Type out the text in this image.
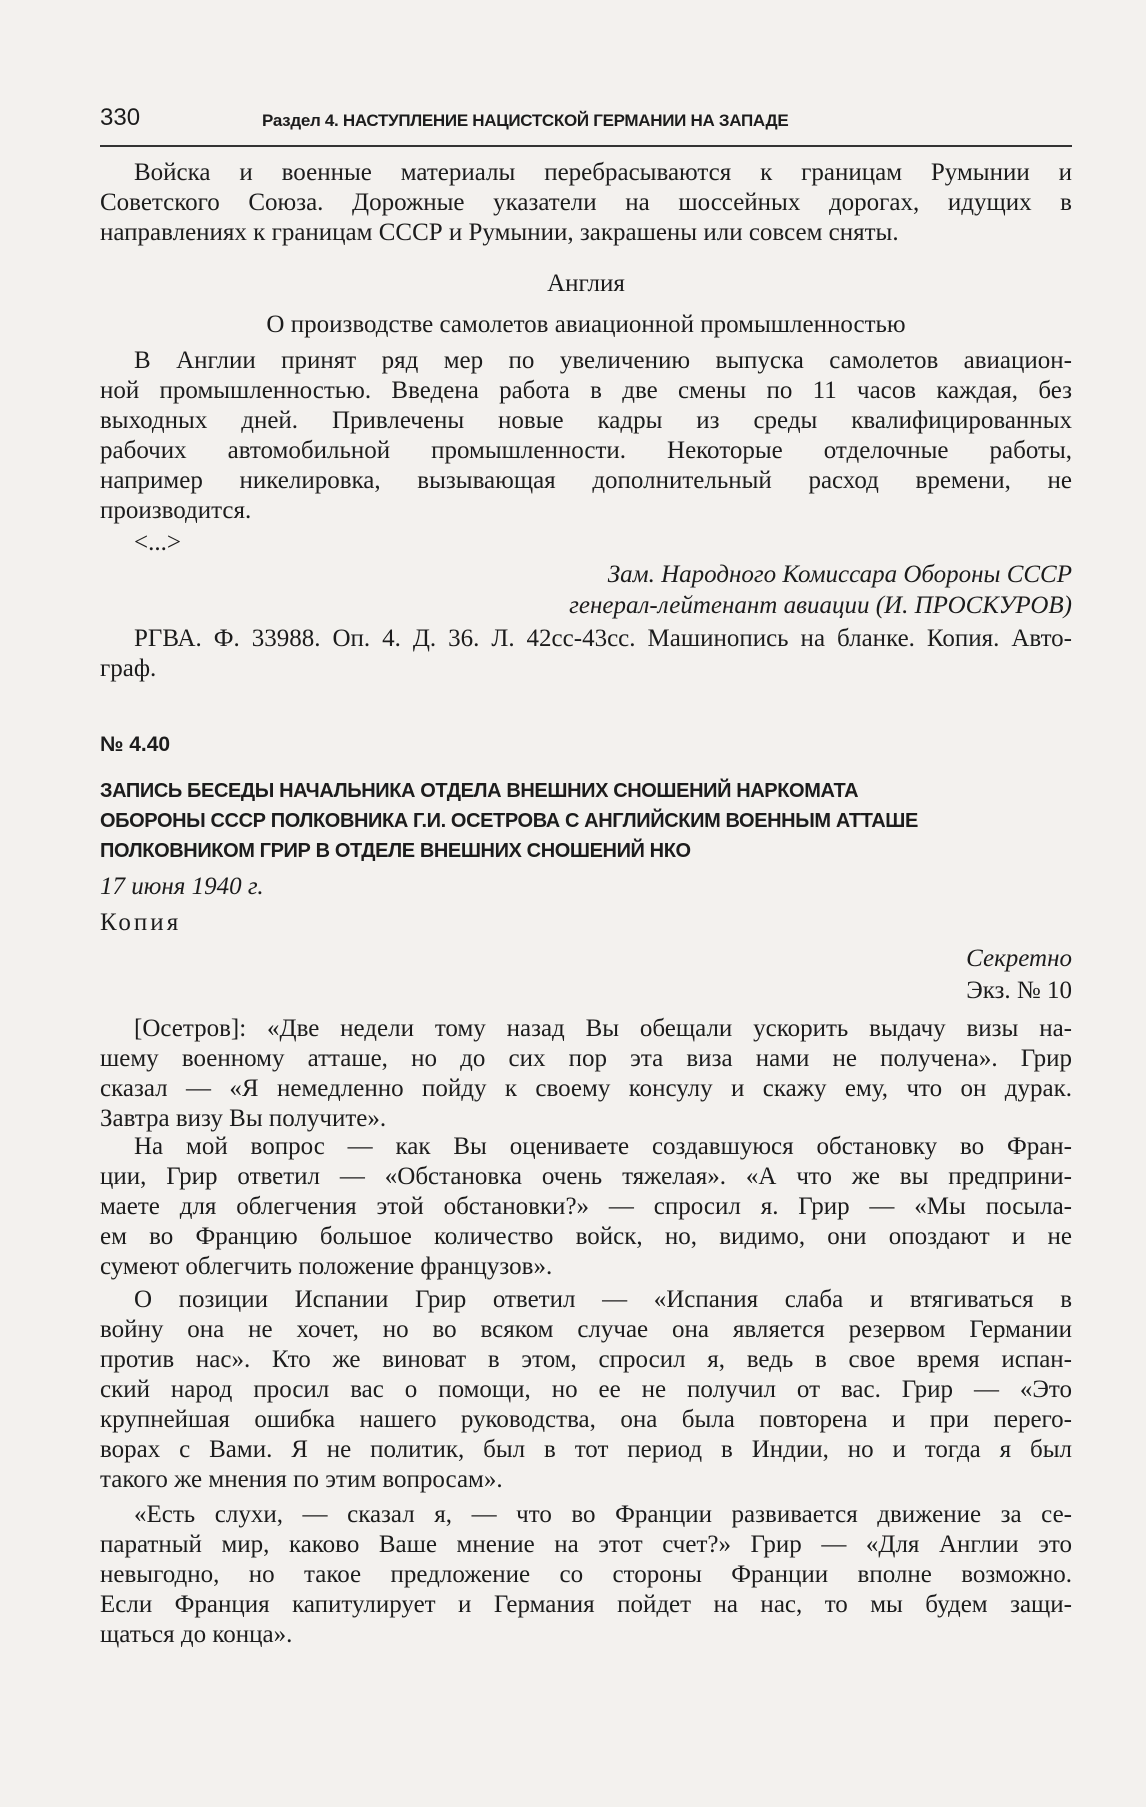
330	Раздел 4. НАСТУПЛЕНИЕ НАЦИСТСКОЙ ГЕРМАНИИ НА ЗАПАДЕ
Войска и военные материалы перебрасываются к границам Румынии и
Советского Союза. Дорожные указатели на шоссейных дорогах, идущих в
направлениях к границам СССР и Румынии, закрашены или совсем сняты.
Англия
О производстве самолетов авиационной промышленностью
В Англии принят ряд мер по увеличению выпуска самолетов авиацион-
ной промышленностью. Введена работа в две смены по 11 часов каждая, без
выходных дней. Привлечены новые кадры из среды квалифицированных
рабочих автомобильной промышленности. Некоторые отделочные работы,
например никелировка, вызывающая дополнительный расход времени, не
производится.
<...>
Зам. Народного Комиссара Обороны СССР
генерал-лейтенант авиации (И. ПРОСКУРОВ)
РГВА. Ф. 33988. Оп. 4. Д. 36. Л. 42сс-43сс. Машинопись на бланке. Копия. Авто-
граф.
№ 4.40
ЗАПИСЬ БЕСЕДЫ НАЧАЛЬНИКА ОТДЕЛА ВНЕШНИХ СНОШЕНИЙ НАРКОМАТА
ОБОРОНЫ СССР ПОЛКОВНИКА Г.И. ОСЕТРОВА С АНГЛИЙСКИМ ВОЕННЫМ АТТАШЕ
ПОЛКОВНИКОМ ГРИР В ОТДЕЛЕ ВНЕШНИХ СНОШЕНИЙ НКО
17 июня 1940 г.
Копия
Секретно
Экз. № 10
[Осетров]: «Две недели тому назад Вы обещали ускорить выдачу визы на-
шему военному атташе, но до сих пор эта виза нами не получена». Грир
сказал — «Я немедленно пойду к своему консулу и скажу ему, что он дурак.
Завтра визу Вы получите».
На мой вопрос — как Вы оцениваете создавшуюся обстановку во Фран-
ции, Грир ответил — «Обстановка очень тяжелая». «А что же вы предприни-
маете для облегчения этой обстановки?» — спросил я. Грир — «Мы посыла-
ем во Францию большое количество войск, но, видимо, они опоздают и не
сумеют облегчить положение французов».
О позиции Испании Грир ответил — «Испания слаба и втягиваться в
войну она не хочет, но во всяком случае она является резервом Германии
против нас». Кто же виноват в этом, спросил я, ведь в свое время испан-
ский народ просил вас о помощи, но ее не получил от вас. Грир — «Это
крупнейшая ошибка нашего руководства, она была повторена и при перего-
ворах с Вами. Я не политик, был в тот период в Индии, но и тогда я был
такого же мнения по этим вопросам».
«Есть слухи, — сказал я, — что во Франции развивается движение за се-
паратный мир, каково Ваше мнение на этот счет?» Грир — «Для Англии это
невыгодно, но такое предложение со стороны Франции вполне возможно.
Если Франция капитулирует и Германия пойдет на нас, то мы будем защи-
щаться до конца».
